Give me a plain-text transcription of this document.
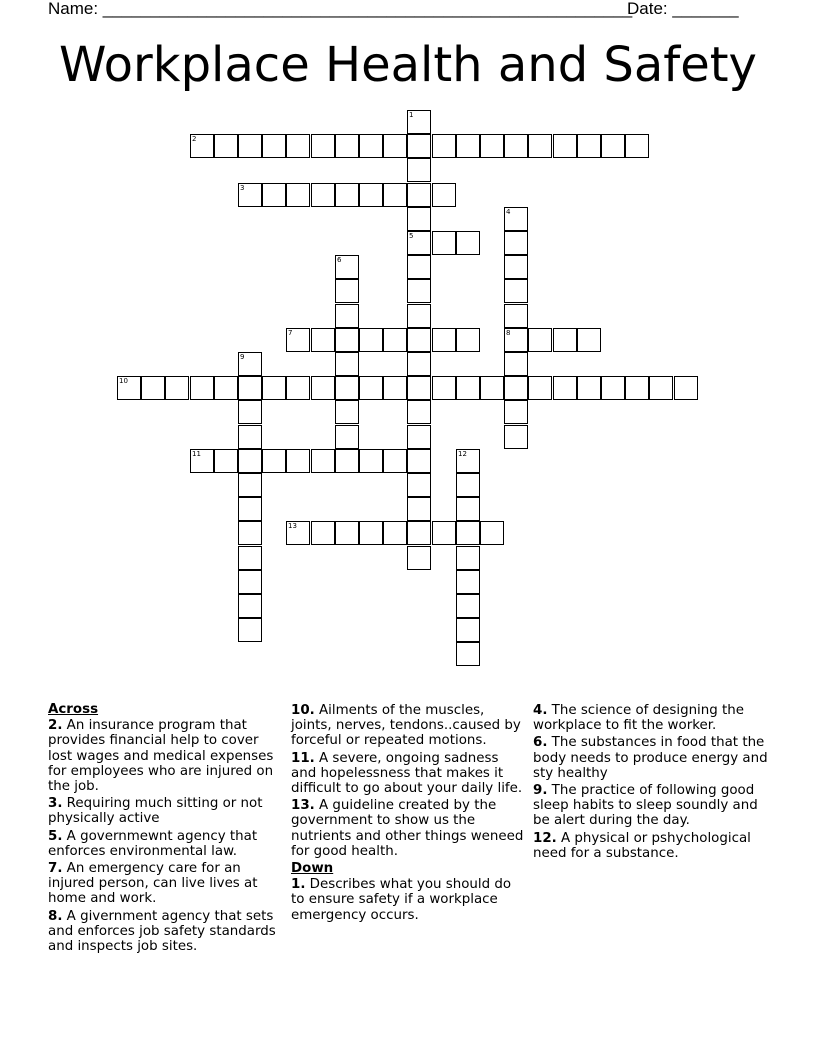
Name: ________________________________________________________
Date: _______
Workplace Health and Safety
1
5
2
3
4
8
6
7
9
10
11	12
13
Across
2. An insurance program that provides financial help to cover lost wages and medical expenses for employees who are injured on the job.
3. Requiring much sitting or not physically active
5. A governmewnt agency that enforces environmental law.
7. An emergency care for an injured person, can live lives at home and work.
8. A givernment agency that sets and enforces job safety standards and inspects job sites.
10. Ailments of the muscles, joints, nerves, tendons..caused by forceful or repeated motions.
11. A severe, ongoing sadness and hopelessness that makes it difficult to go about your daily life.
13. A guideline created by the government to show us the nutrients and other things weneed for good health.
Down
1. Describes what you should do to ensure safety if a workplace emergency occurs.
4. The science of designing the workplace to fit the worker.
6. The substances in food that the body needs to produce energy and sty healthy
9. The practice of following good sleep habits to sleep soundly and be alert during the day.
12. A physical or pshychological need for a substance.
